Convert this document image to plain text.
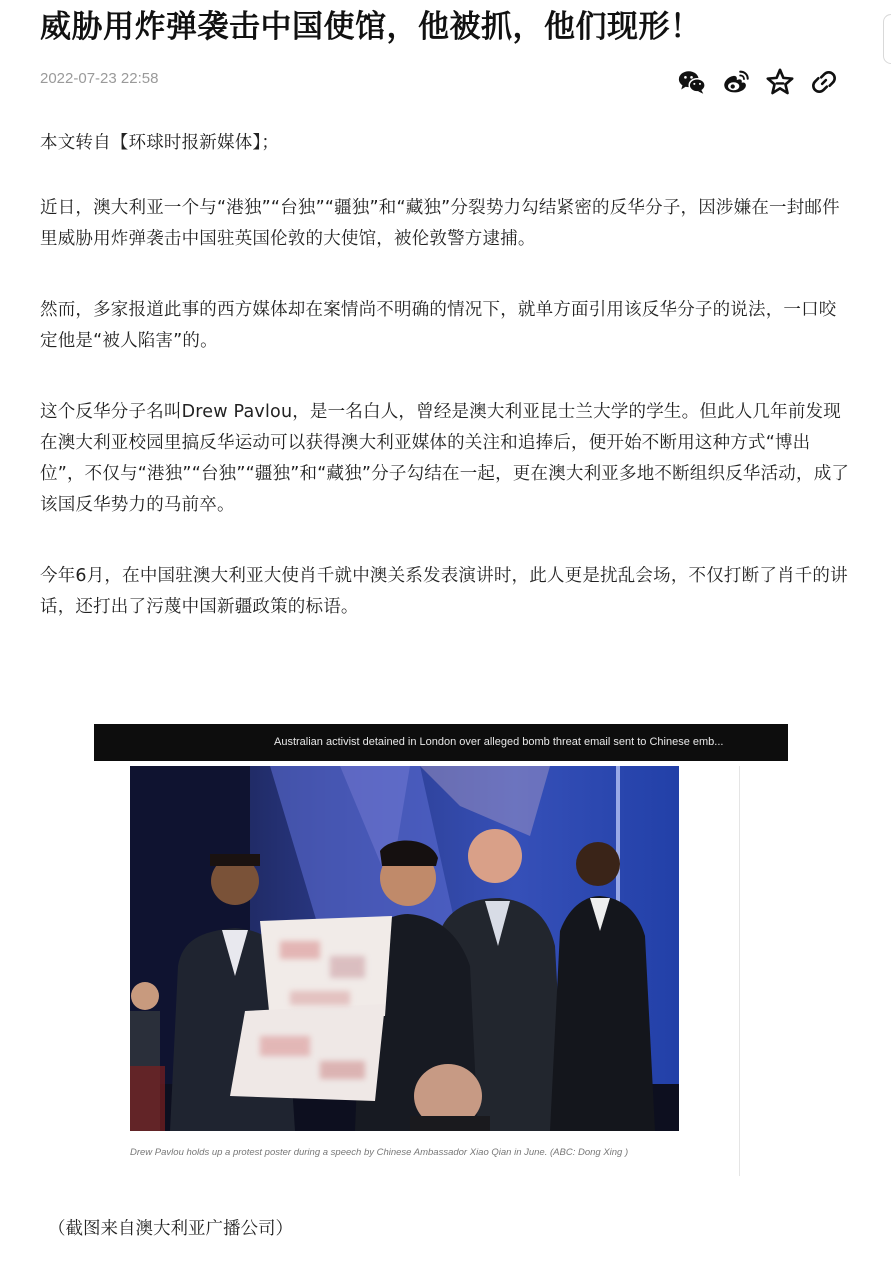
威胁用炸弹袭击中国使馆，他被抓，他们现形！
2022-07-23 22:58

本文转自【环球时报新媒体】；

近日，澳大利亚一个与“港独”“台独”“疆独”和“藏独”分裂势力勾结紧密的反华分子，因涉嫌在一封邮件里威胁用炸弹袭击中国驻英国伦敦的大使馆，被伦敦警方逮捕。

然而，多家报道此事的西方媒体却在案情尚不明确的情况下，就单方面引用该反华分子的说法，一口咬定他是“被人陷害”的。

这个反华分子名叫Drew Pavlou，是一名白人，曾经是澳大利亚昆士兰大学的学生。但此人几年前发现在澳大利亚校园里搞反华运动可以获得澳大利亚媒体的关注和追捧后，便开始不断用这种方式“博出位”，不仅与“港独”“台独”“疆独”和“藏独”分子勾结在一起，更在澳大利亚多地不断组织反华活动，成了该国反华势力的马前卒。

今年6月，在中国驻澳大利亚大使肖千就中澳关系发表演讲时，此人更是扰乱会场，不仅打断了肖千的讲话，还打出了污蔑中国新疆政策的标语。

Australian activist detained in London over alleged bomb threat email sent to Chinese emb...
Drew Pavlou holds up a protest poster during a speech by Chinese Ambassador Xiao Qian in June. (ABC: Dong Xing )

（截图来自澳大利亚广播公司）
